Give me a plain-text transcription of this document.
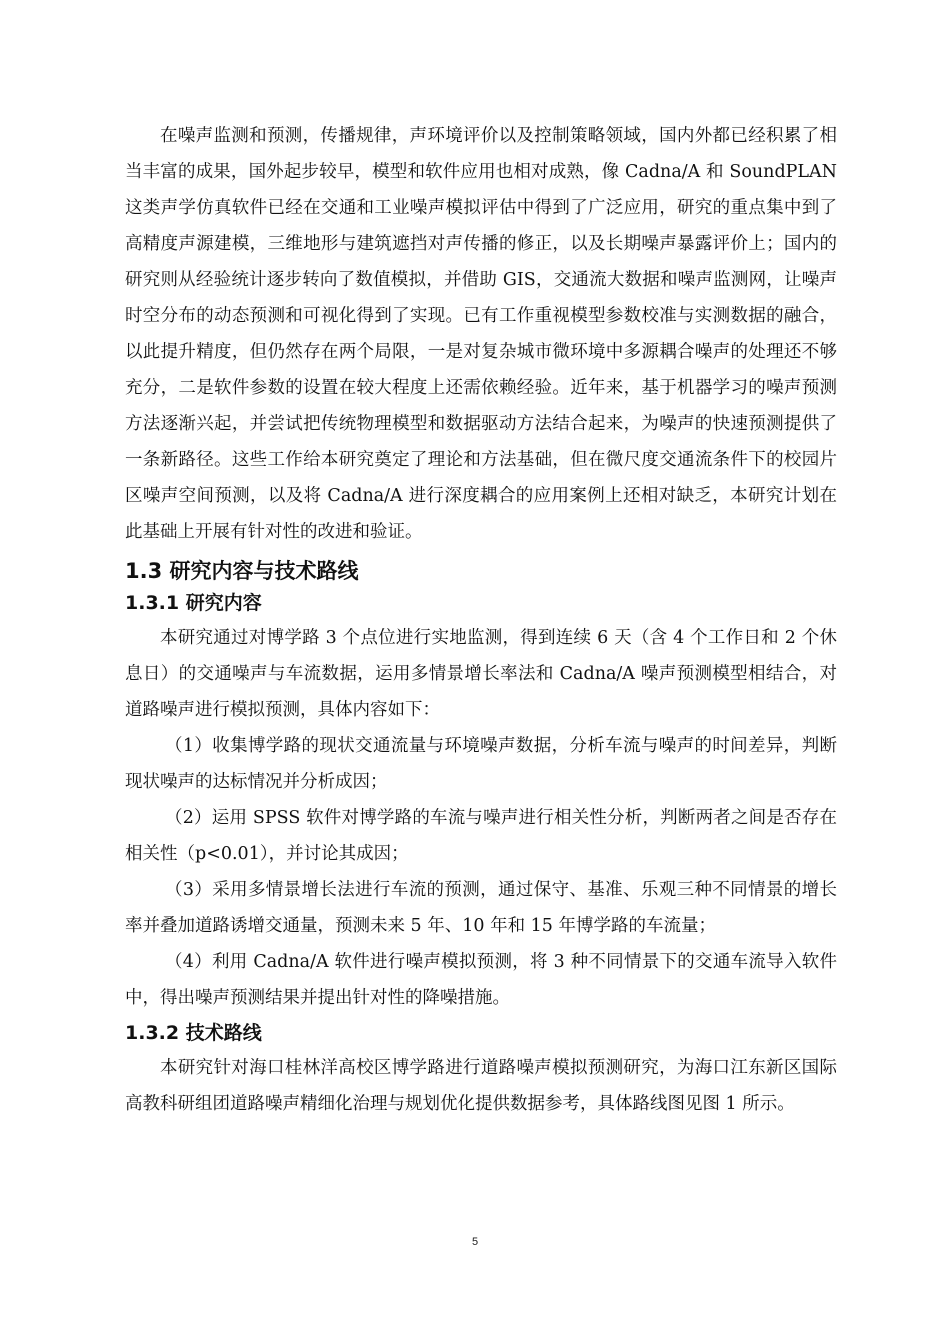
在噪声监测和预测，传播规律，声环境评价以及控制策略领域，国内外都已经积累了相当丰富的成果，国外起步较早，模型和软件应用也相对成熟，像 Cadna/A 和 SoundPLAN 这类声学仿真软件已经在交通和工业噪声模拟评估中得到了广泛应用，研究的重点集中到了高精度声源建模，三维地形与建筑遮挡对声传播的修正，以及长期噪声暴露评价上；国内的研究则从经验统计逐步转向了数值模拟，并借助 GIS，交通流大数据和噪声监测网，让噪声时空分布的动态预测和可视化得到了实现。已有工作重视模型参数校准与实测数据的融合，以此提升精度，但仍然存在两个局限，一是对复杂城市微环境中多源耦合噪声的处理还不够充分，二是软件参数的设置在较大程度上还需依赖经验。近年来，基于机器学习的噪声预测方法逐渐兴起，并尝试把传统物理模型和数据驱动方法结合起来，为噪声的快速预测提供了一条新路径。这些工作给本研究奠定了理论和方法基础，但在微尺度交通流条件下的校园片区噪声空间预测，以及将 Cadna/A 进行深度耦合的应用案例上还相对缺乏，本研究计划在此基础上开展有针对性的改进和验证。

1.3 研究内容与技术路线
1.3.1 研究内容

本研究通过对博学路 3 个点位进行实地监测，得到连续 6 天（含 4 个工作日和 2 个休息日）的交通噪声与车流数据，运用多情景增长率法和 Cadna/A 噪声预测模型相结合，对道路噪声进行模拟预测，具体内容如下：

（1）收集博学路的现状交通流量与环境噪声数据，分析车流与噪声的时间差异，判断现状噪声的达标情况并分析成因；

（2）运用 SPSS 软件对博学路的车流与噪声进行相关性分析，判断两者之间是否存在相关性（p<0.01），并讨论其成因；

（3）采用多情景增长法进行车流的预测，通过保守、基准、乐观三种不同情景的增长率并叠加道路诱增交通量，预测未来 5 年、10 年和 15 年博学路的车流量；

（4）利用 Cadna/A 软件进行噪声模拟预测，将 3 种不同情景下的交通车流导入软件中，得出噪声预测结果并提出针对性的降噪措施。

1.3.2 技术路线

本研究针对海口桂林洋高校区博学路进行道路噪声模拟预测研究，为海口江东新区国际高教科研组团道路噪声精细化治理与规划优化提供数据参考，具体路线图见图 1 所示。

5
